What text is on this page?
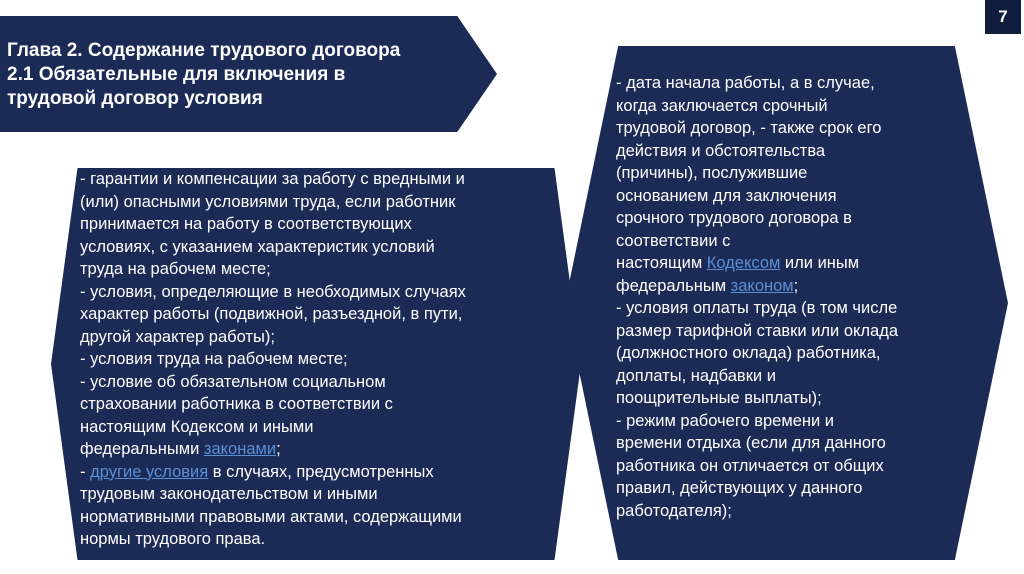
Глава 2. Содержание трудового договора
2.1 Обязательные для включения в
трудовой договор условия
7
- гарантии и компенсации за работу с вредными и
(или) опасными условиями труда, если работник
принимается на работу в соответствующих
условиях, с указанием характеристик условий
труда на рабочем месте;
- условия, определяющие в необходимых случаях
характер работы (подвижной, разъездной, в пути,
другой характер работы);
- условия труда на рабочем месте;
- условие об обязательном социальном
страховании работника в соответствии с
настоящим Кодексом и иными
федеральными законами;
- другие условия в случаях, предусмотренных
трудовым законодательством и иными
нормативными правовыми актами, содержащими
нормы трудового права.
- дата начала работы, а в случае,
когда заключается срочный
трудовой договор, - также срок его
действия и обстоятельства
(причины), послужившие
основанием для заключения
срочного трудового договора в
соответствии с
настоящим Кодексом или иным
федеральным законом;
- условия оплаты труда (в том числе
размер тарифной ставки или оклада
(должностного оклада) работника,
доплаты, надбавки и
поощрительные выплаты);
- режим рабочего времени и
времени отдыха (если для данного
работника он отличается от общих
правил, действующих у данного
работодателя);
